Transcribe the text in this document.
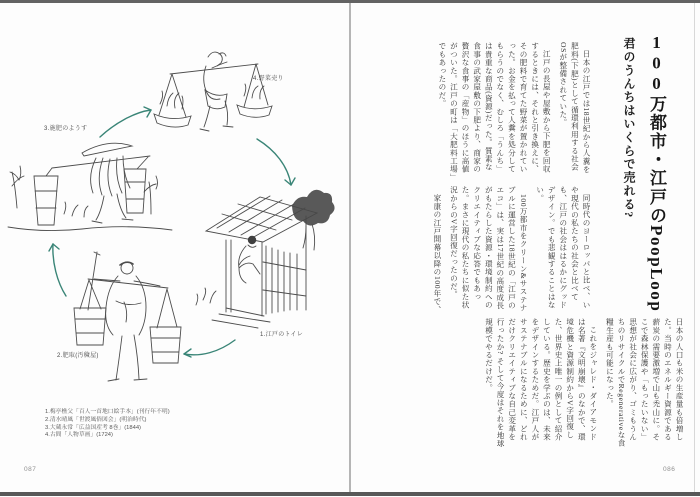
4.野菜売り
3.施肥のようす
2.肥取(汚穢屋)
1.江戸のトイレ
1.梅亭樵父「百人一首地口絵手本」(刊行年不明)
2.清水晴風「世渡風俗図会」(明治時代)
3.大蔵永常「広益国産考 8巻」(1844)
4.古間「人物草画」(1724)
100万都市・江戸のPoopLoop
君のうんちはいくらで売れる?

日本の江戸では18世紀から人糞を肥料(下肥)として循環利用する社会OSが整備されていた。

江戸の長屋や屋敷から下肥を回収するときには、それと引き換えに、その肥料で育てた野菜が置かれていった。お金を払って人糞を処分してもらうのでなく、むしろ「うんち」は貴重な商品(資源)だった。質素な食事の武家屋敷の下肥より、商家の贅沢な食事の「産物」のほうに高値がついた。江戸の町は「大肥料工場」でもあったのだ。

同時代のヨーロッパと比べ、いや現代の私たちの社会と比べても、江戸の社会ははるかにグッドデザイン。でも悲観することはない。

100万都市をクリーン&サステナブルに運営した18世紀の「江戸のエコ」は、実は17世紀の高度成長がもたらした資源・環境制約へのクリエイティブな応答でもあった。まさに現代の私たちに似た状況からのV字回復だったのだ。

家康の江戸開幕以降の100年で、

日本の人口も米の生産量も倍増した。当時のエネルギー資源である薪炭の需要激増で山も禿山に。そこで森林保護や「もったいない」思想が社会に広がり、ゴミもうんちのリサイクルでRegenerativeな食糧生産も可能になった。

これをジャレド・ダイアモンドは名著『文明崩壊』のなかで、環境危機と資源制約からV字回復した、世界史上唯一の例として紹介している。歴史を学ぶのは、未来をデザインするためだ。江戸人がサステナブルになるために、どれだけクリエイティブな自己変革を行ったか? そして今度はそれを地球規模でやるだけだ。

087	086
